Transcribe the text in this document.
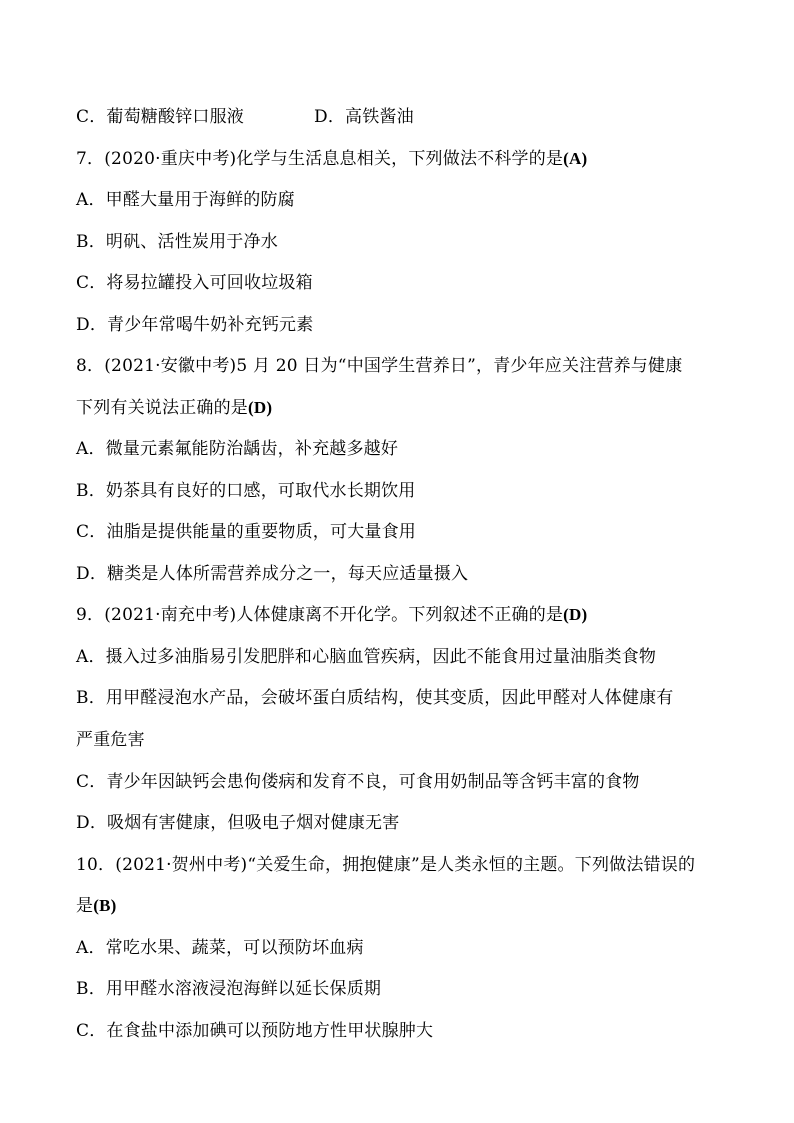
C．葡萄糖酸锌口服液	D．高铁酱油
7．(2020·重庆中考)化学与生活息息相关，下列做法不科学的是(A)
A．甲醛大量用于海鲜的防腐
B．明矾、活性炭用于净水
C．将易拉罐投入可回收垃圾箱
D．青少年常喝牛奶补充钙元素
8．(2021·安徽中考)5 月 20 日为“中国学生营养日”，青少年应关注营养与健康
下列有关说法正确的是(D)
A．微量元素氟能防治龋齿，补充越多越好
B．奶茶具有良好的口感，可取代水长期饮用
C．油脂是提供能量的重要物质，可大量食用
D．糖类是人体所需营养成分之一，每天应适量摄入
9．(2021·南充中考)人体健康离不开化学。下列叙述不正确的是(D)
A．摄入过多油脂易引发肥胖和心脑血管疾病，因此不能食用过量油脂类食物
B．用甲醛浸泡水产品，会破坏蛋白质结构，使其变质，因此甲醛对人体健康有
严重危害
C．青少年因缺钙会患佝偻病和发育不良，可食用奶制品等含钙丰富的食物
D．吸烟有害健康，但吸电子烟对健康无害
10．(2021·贺州中考)“关爱生命，拥抱健康”是人类永恒的主题。下列做法错误的
是(B)
A．常吃水果、蔬菜，可以预防坏血病
B．用甲醛水溶液浸泡海鲜以延长保质期
C．在食盐中添加碘可以预防地方性甲状腺肿大
